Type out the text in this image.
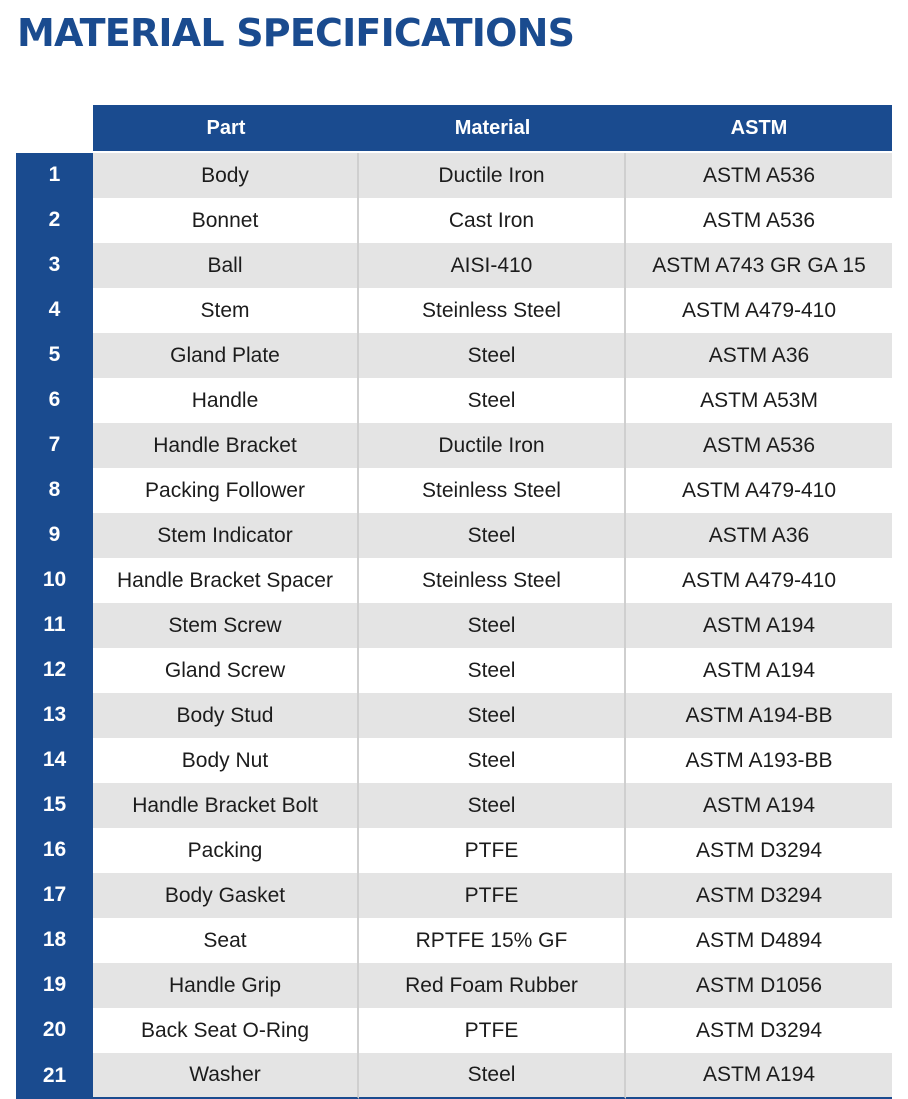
MATERIAL SPECIFICATIONS
	Part	Material	ASTM
1	Body	Ductile Iron	ASTM A536
2	Bonnet	Cast Iron	ASTM A536
3	Ball	AISI-410	ASTM A743 GR GA 15
4	Stem	Steinless Steel	ASTM A479-410
5	Gland Plate	Steel	ASTM A36
6	Handle	Steel	ASTM A53M
7	Handle Bracket	Ductile Iron	ASTM A536
8	Packing Follower	Steinless Steel	ASTM A479-410
9	Stem Indicator	Steel	ASTM A36
10	Handle Bracket Spacer	Steinless Steel	ASTM A479-410
11	Stem Screw	Steel	ASTM A194
12	Gland Screw	Steel	ASTM A194
13	Body Stud	Steel	ASTM A194-BB
14	Body Nut	Steel	ASTM A193-BB
15	Handle Bracket Bolt	Steel	ASTM A194
16	Packing	PTFE	ASTM D3294
17	Body Gasket	PTFE	ASTM D3294
18	Seat	RPTFE 15% GF	ASTM D4894
19	Handle Grip	Red Foam Rubber	ASTM D1056
20	Back Seat O-Ring	PTFE	ASTM D3294
21	Washer	Steel	ASTM A194
